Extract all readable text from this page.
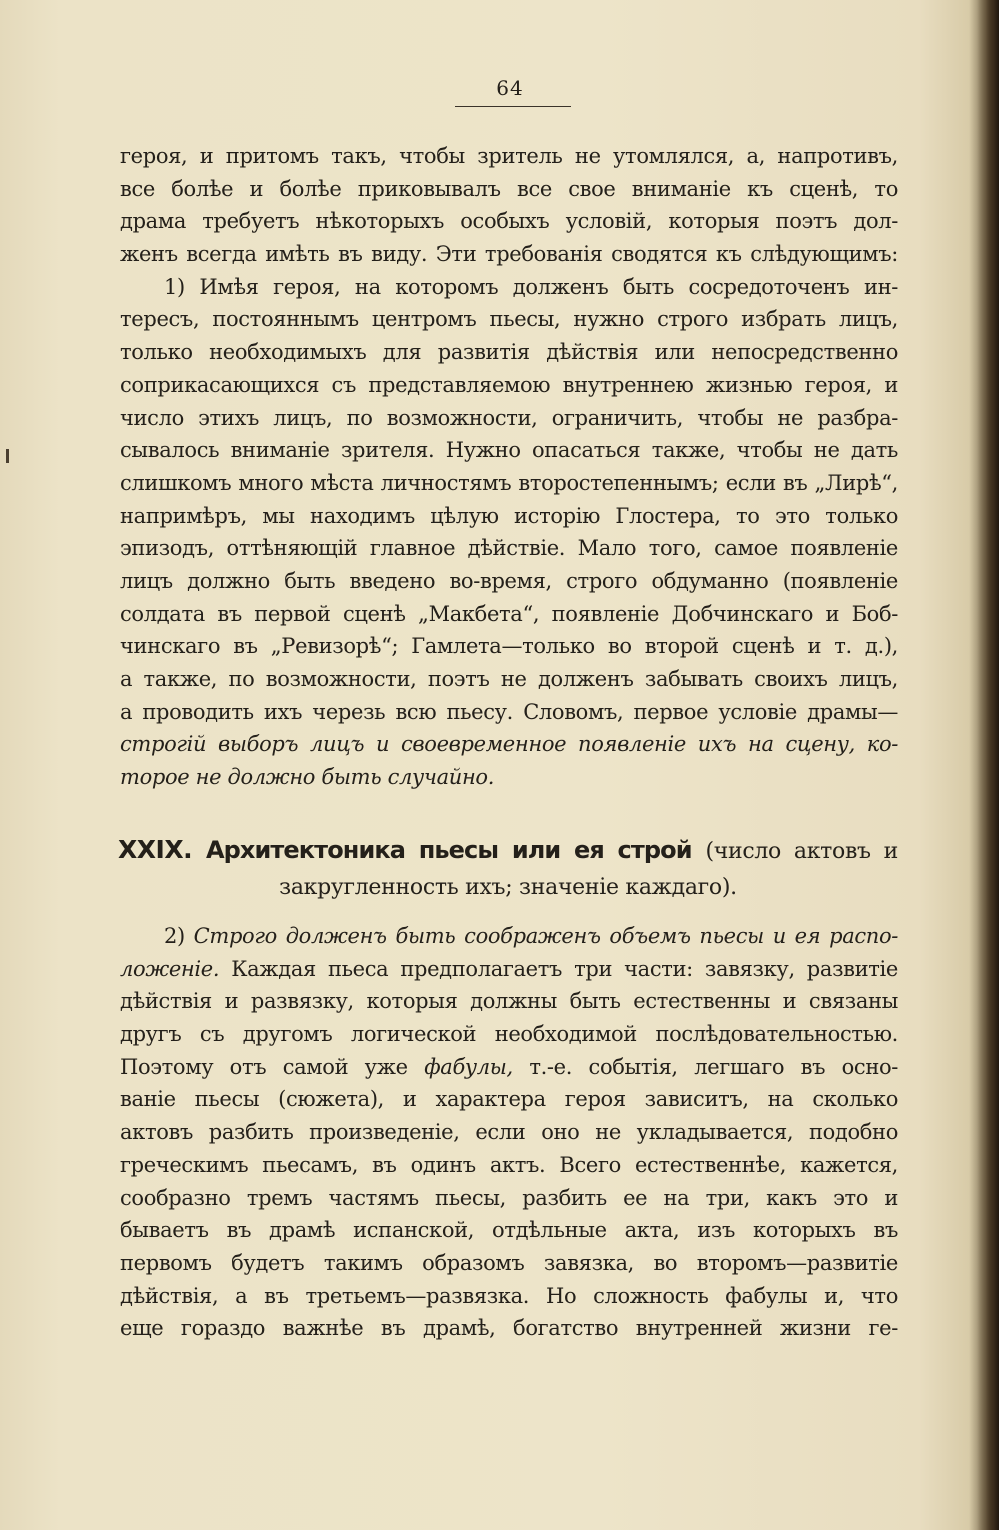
64
героя, и притомъ такъ, чтобы зритель не утомлялся, а, напротивъ,
все болѣе и болѣе приковывалъ все свое вниманіе къ сценѣ, то
драма требуетъ нѣкоторыхъ особыхъ условій, которыя поэтъ дол-
женъ всегда имѣть въ виду. Эти требованія сводятся къ слѣдующимъ:
1) Имѣя героя, на которомъ долженъ быть сосредоточенъ ин-
тересъ, постояннымъ центромъ пьесы, нужно строго избрать лицъ,
только необходимыхъ для развитія дѣйствія или непосредственно
соприкасающихся съ представляемою внутреннею жизнью героя, и
число этихъ лицъ, по возможности, ограничить, чтобы не разбра-
сывалось вниманіе зрителя. Нужно опасаться также, чтобы не дать
слишкомъ много мѣста личностямъ второстепеннымъ; если въ „Лирѣ“,
напримѣръ, мы находимъ цѣлую исторію Глостера, то это только
эпизодъ, оттѣняющій главное дѣйствіе. Мало того, самое появленіе
лицъ должно быть введено во-время, строго обдуманно (появленіе
солдата въ первой сценѣ „Макбета“, появленіе Добчинскаго и Боб-
чинскаго въ „Ревизорѣ“; Гамлета—только во второй сценѣ и т. д.),
а также, по возможности, поэтъ не долженъ забывать своихъ лицъ,
а проводить ихъ черезь всю пьесу. Словомъ, первое условіе драмы—
строгій выборъ лицъ и своевременное появленіе ихъ на сцену, ко-
торое не должно быть случайно.
XXIX. Архитектоника пьесы или ея строй (число актовъ и
закругленность ихъ; значеніе каждаго).
2) Строго долженъ быть соображенъ объемъ пьесы и ея распо-
ложеніе. Каждая пьеса предполагаетъ три части: завязку, развитіе
дѣйствія и развязку, которыя должны быть естественны и связаны
другъ съ другомъ логической необходимой послѣдовательностью.
Поэтому отъ самой уже фабулы, т.-е. событія, легшаго въ осно-
ваніе пьесы (сюжета), и характера героя зависитъ, на сколько
актовъ разбить произведеніе, если оно не укладывается, подобно
греческимъ пьесамъ, въ одинъ актъ. Всего естественнѣе, кажется,
сообразно тремъ частямъ пьесы, разбить ее на три, какъ это и
бываетъ въ драмѣ испанской, отдѣльные акта, изъ которыхъ въ
первомъ будетъ такимъ образомъ завязка, во второмъ—развитіе
дѣйствія, а въ третьемъ—развязка. Но сложность фабулы и, что
еще гораздо важнѣе въ драмѣ, богатство внутренней жизни ге-
